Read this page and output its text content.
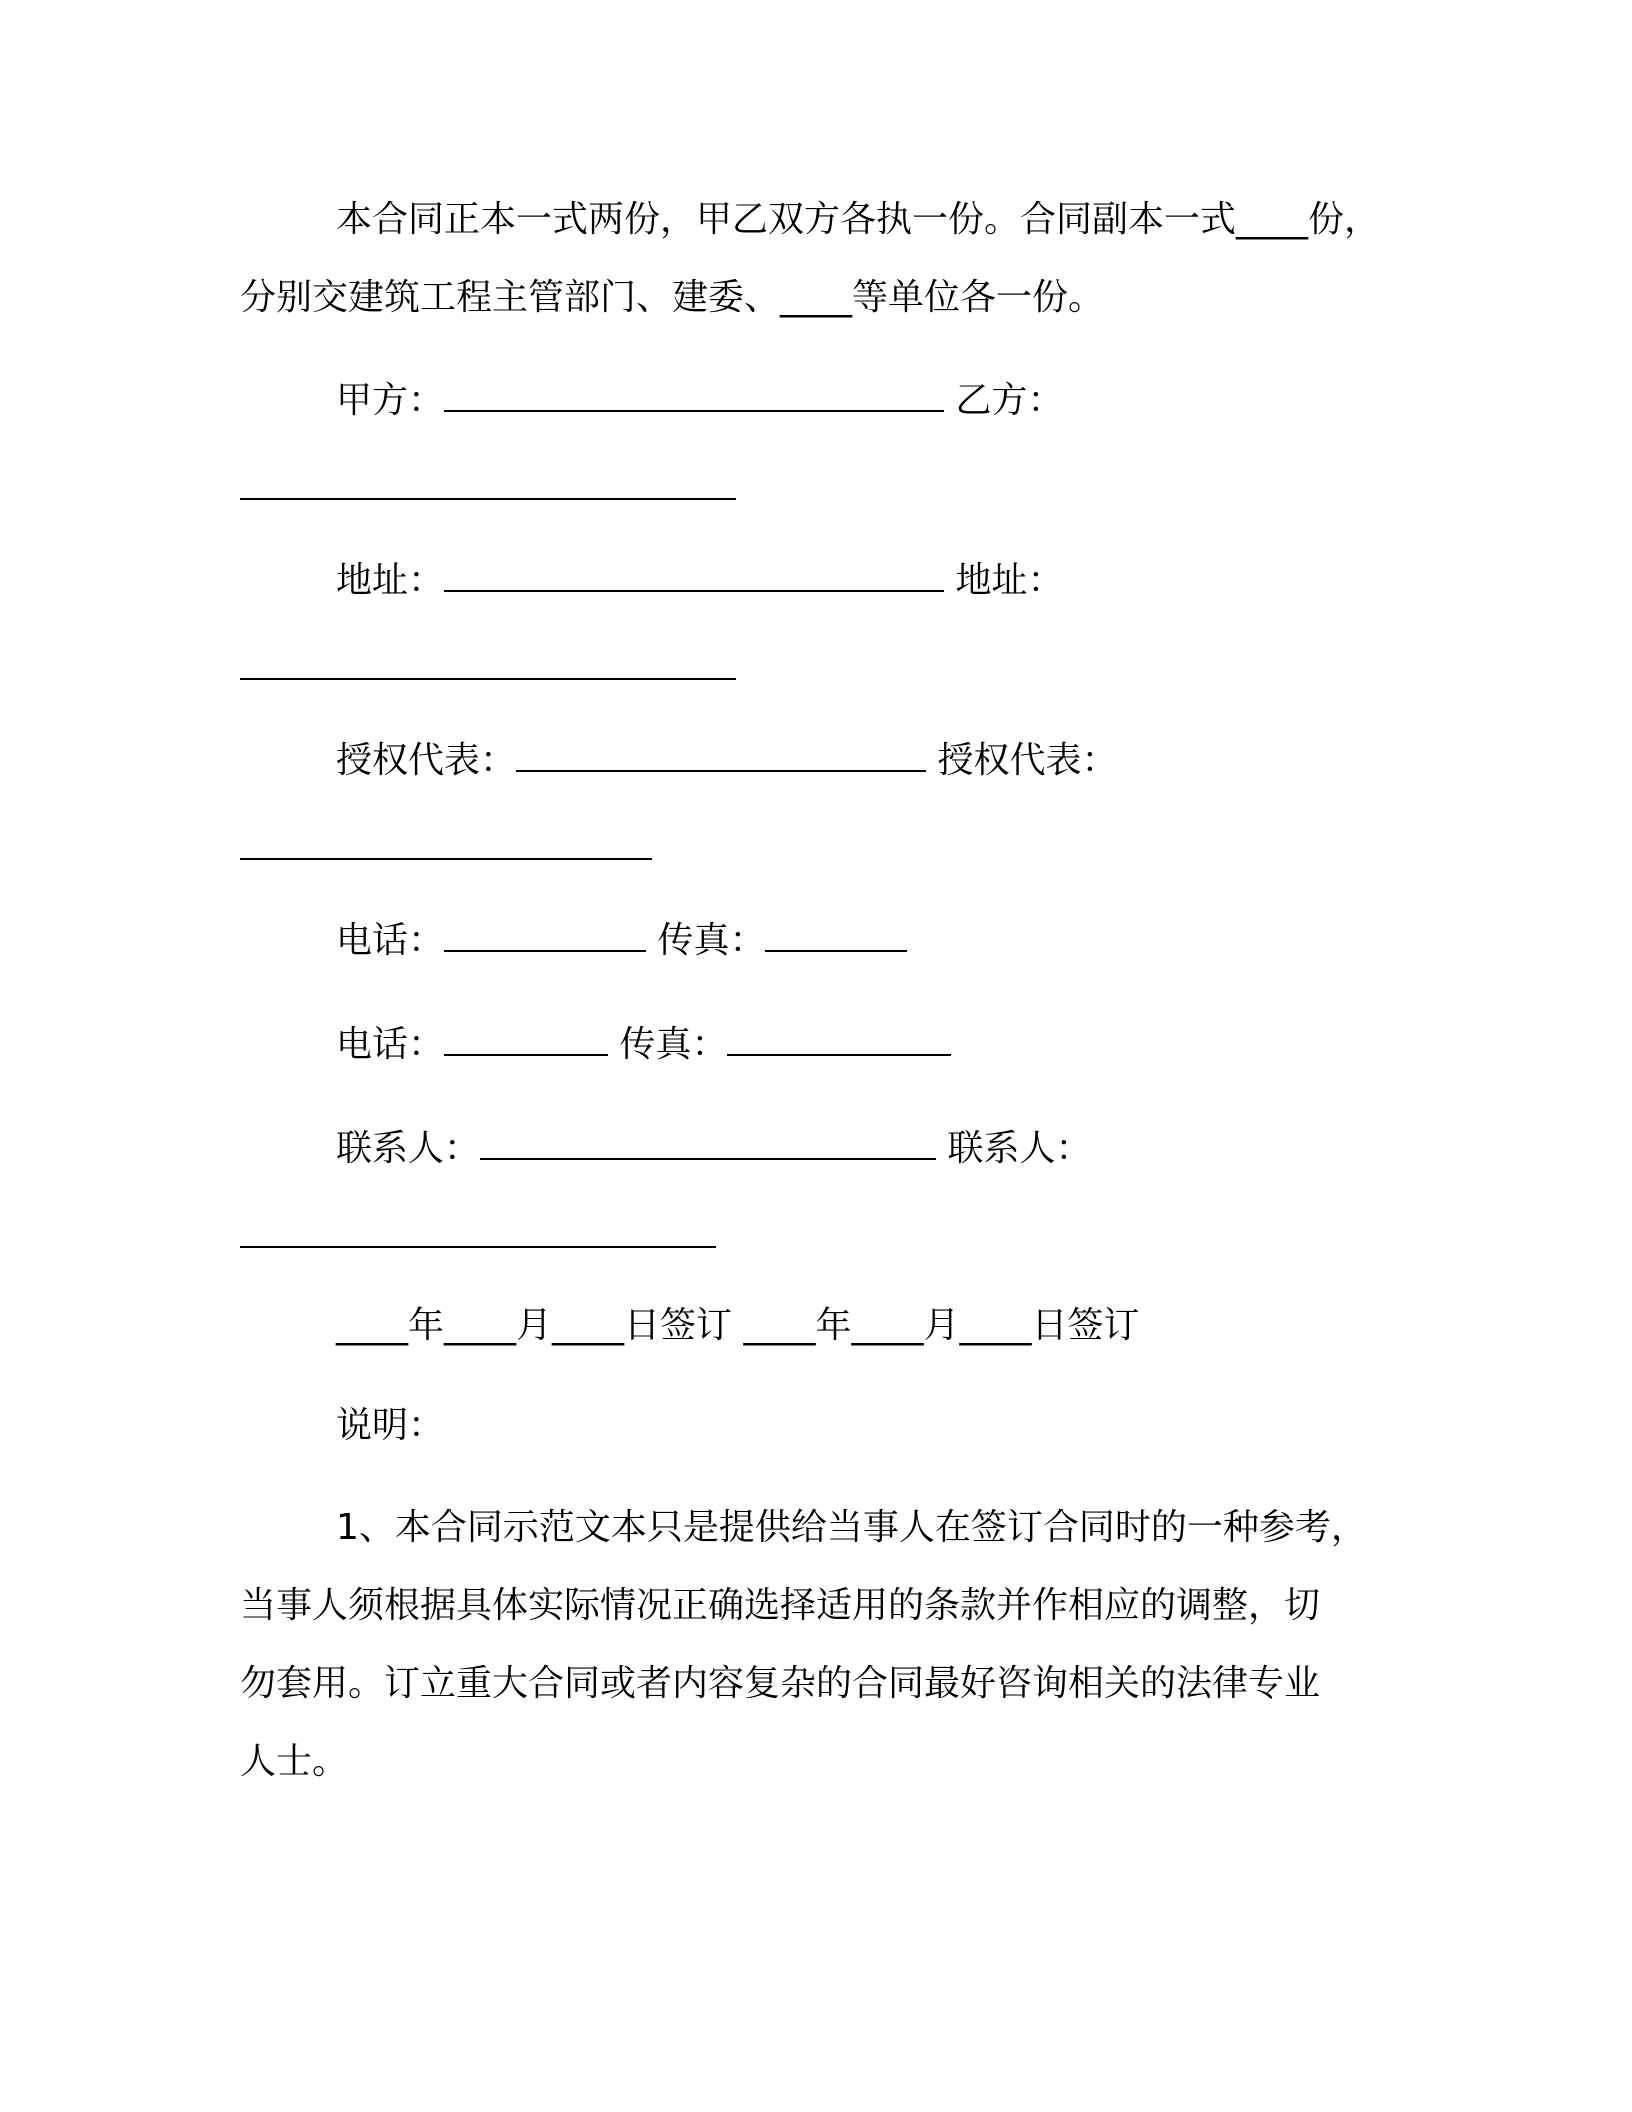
本合同正本一式两份，甲乙双方各执一份。合同副本一式____份，
分别交建筑工程主管部门、建委、____等单位各一份。
甲方：	乙方：
地址：	地址：
授权代表：	授权代表：
电话：	传真：
电话：	传真：
联系人：	联系人：
____年____月____日签订 ____年____月____日签订
说明：
1、本合同示范文本只是提供给当事人在签订合同时的一种参考，
当事人须根据具体实际情况正确选择适用的条款并作相应的调整，切
勿套用。订立重大合同或者内容复杂的合同最好咨询相关的法律专业
人士。
